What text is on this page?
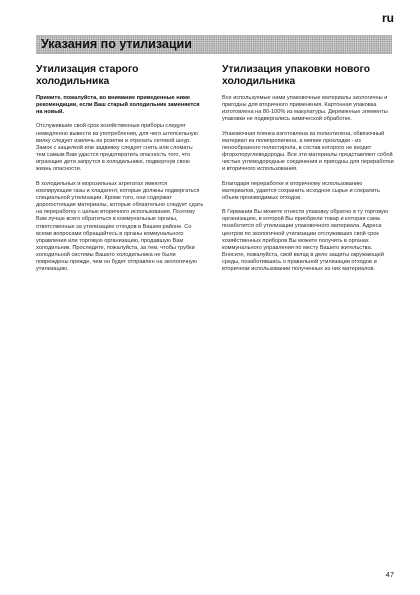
ru
Указания по утилизации
Утилизация старого холодильника

Примите, пожалуйста, во внимание приведенные ниже рекомендации, если Ваш старый холодильник заменяется на новый.

Отслужившие свой срок хозяйственные приборы следует немедленно вывести из употребления, для чего штепсельную вилку следует извлечь из розетки и отрезать сетевой шнур. Замок с защелкой или задвижку следует снять или сломать: тем самым Вам удастся предотвратить опасность того, что играющие дети запрутся в холодильнике, подвергнув свою жизнь опасности.

В холодильных и морозильных агрегатах имеются изолирующие газы и хладагент, которые должны подвергаться специальной утилизации. Кроме того, они содержат дорогостоящие материалы, которые обязательно следует сдать на переработку с целью вторичного использования. Поэтому Вам лучше всего обратиться в коммунальные органы, ответственные за утилизацию отходов в Вашем районе. Со всеми вопросами обращайтесь в органы коммунального управления или торговую организацию, продавшую Вам холодильник. Проследите, пожалуйста, за тем, чтобы трубки холодильной системы Вашего холодильника не были повреждены прежде, чем он будет отправлен на экологичную утилизацию.

Утилизация упаковки нового холодильника

Все используемые нами упаковочные материалы экологичны и пригодны для вторичного применения. Картонная упаковка изготовлена на 80-100% из макулатуры. Деревянные элементы упаковки не подвергались химической обработке.

Упаковочная пленка изготовлена из полиэтилена, обвязочный материал из полипропилена, а мягкие прокладки - из пенообразного полистирола, в состав которого не входит фторхлоруглеводороды. Все эти материалы представляют собой чистые углеводородные соединения и пригодны для переработки и вторичного использования.

Благодаря переработке и вторичному использованию материалов, удается сохранить исходное сырье и сократить объем производимых отходов.

В Германии Вы можете отнести упаковку обратно в ту торговую организацию, в которой Вы приобрели товар и которая сама позаботится об утилизации упаковочного материала. Адреса центров по экологичной утилизации отслуживших свой срок хозяйственных приборов Вы можете получить в органах коммунального управления по месту Вашего жительства. Вносите, пожалуйста, свой вклад в дело защиты окружающей среды, позаботившись о правильной утилизации отходов и вторичном использовании полученных из них материалов.

47
